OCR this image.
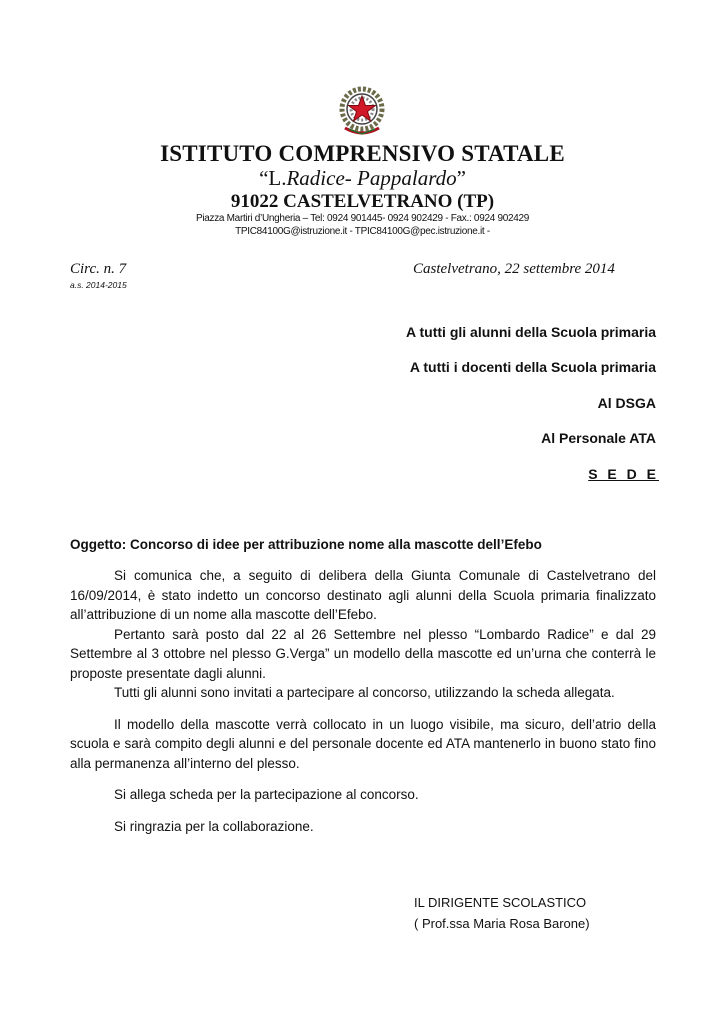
ISTITUTO COMPRENSIVO STATALE
“L.Radice- Pappalardo”
91022 CASTELVETRANO (TP)
Piazza Martiri d’Ungheria – Tel: 0924 901445- 0924 902429 - Fax.: 0924 902429
TPIC84100G@istruzione.it - TPIC84100G@pec.istruzione.it -
Circ. n. 7
a.s. 2014-2015
Castelvetrano, 22 settembre 2014
A tutti gli alunni della Scuola primaria
A tutti i docenti della Scuola primaria
Al DSGA
Al Personale ATA
S E D E
Oggetto: Concorso di idee per attribuzione nome alla mascotte dell’Efebo

Si comunica che, a seguito di delibera della Giunta Comunale di Castelvetrano del 16/09/2014, è stato indetto un concorso destinato agli alunni della Scuola primaria finalizzato all’attribuzione di un nome alla mascotte dell’Efebo.

Pertanto sarà posto dal 22 al 26 Settembre nel plesso “Lombardo Radice” e dal 29 Settembre al 3 ottobre nel plesso G.Verga” un modello della mascotte ed un’urna che conterrà le proposte presentate dagli alunni.

Tutti gli alunni sono invitati a partecipare al concorso, utilizzando la scheda allegata.

Il modello della mascotte verrà collocato in un luogo visibile, ma sicuro, dell’atrio della scuola e sarà compito degli alunni e del personale docente ed ATA mantenerlo in buono stato fino alla permanenza all’interno del plesso.

Si allega scheda per la partecipazione al concorso.

Si ringrazia per la collaborazione.

IL DIRIGENTE SCOLASTICO
( Prof.ssa Maria Rosa Barone)
